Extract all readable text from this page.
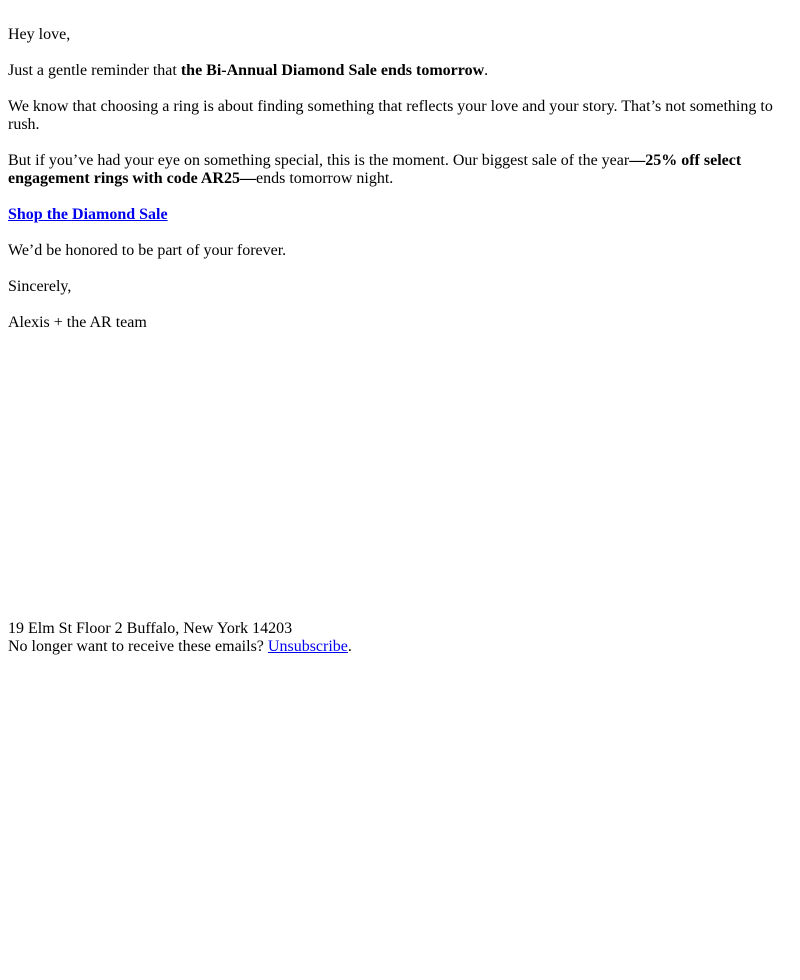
Hey love,

Just a gentle reminder that the Bi-Annual Diamond Sale ends tomorrow.

We know that choosing a ring is about finding something that reflects your love and your story. That’s not something to rush.

But if you’ve had your eye on something special, this is the moment. Our biggest sale of the year—25% off select engagement rings with code AR25—ends tomorrow night.

Shop the Diamond Sale

We’d be honored to be part of your forever.

Sincerely,

Alexis + the AR team

19 Elm St Floor 2 Buffalo, New York 14203
No longer want to receive these emails? Unsubscribe.
